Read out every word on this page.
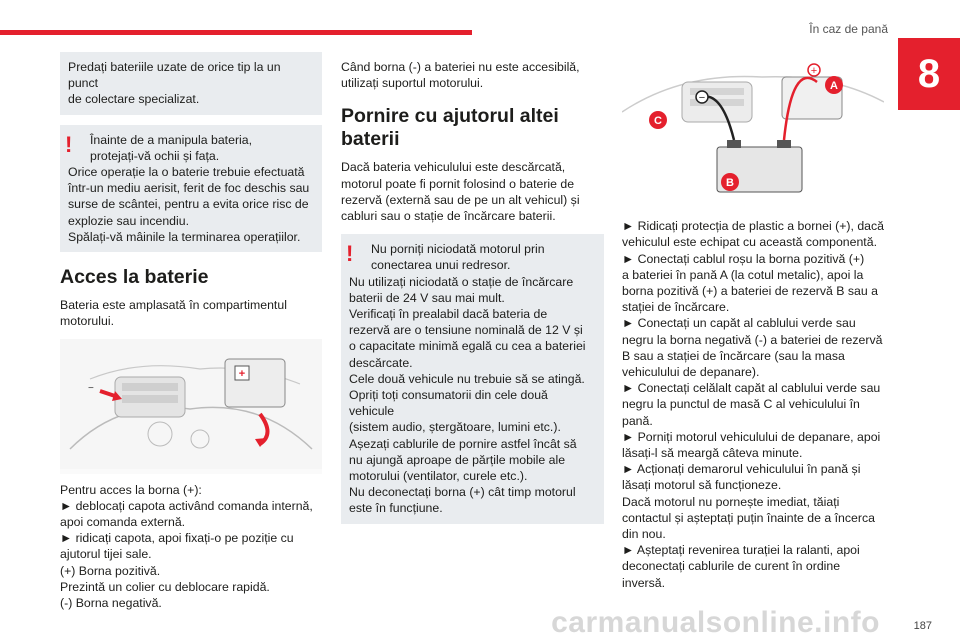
În caz de pană
8
Predați bateriile uzate de orice tip la un punct
de colectare specializat.
! Înainte de a manipula bateria,
protejați-vă ochii și fața.
Orice operație la o baterie trebuie efectuată
într-un mediu aerisit, ferit de foc deschis sau
surse de scântei, pentru a evita orice risc de
explozie sau incendiu.
Spălați-vă mâinile la terminarea operațiilor.
Acces la baterie
Bateria este amplasată în compartimentul
motorului.
+
−
Pentru acces la borna (+):
► deblocați capota activând comanda internă,
apoi comanda externă.
► ridicați capota, apoi fixați-o pe poziție cu
ajutorul tijei sale.
(+) Borna pozitivă.
Prezintă un colier cu deblocare rapidă.
(-) Borna negativă.
Când borna (-) a bateriei nu este accesibilă,
utilizați suportul motorului.
Pornire cu ajutorul altei
baterii
Dacă bateria vehiculului este descărcată,
motorul poate fi pornit folosind o baterie de
rezervă (externă sau de pe un alt vehicul) și
cabluri sau o stație de încărcare baterii.
! Nu porniți niciodată motorul prin
conectarea unui redresor.
Nu utilizați niciodată o stație de încărcare
baterii de 24 V sau mai mult.
Verificați în prealabil dacă bateria de
rezervă are o tensiune nominală de 12 V și
o capacitate minimă egală cu cea a bateriei
descărcate.
Cele două vehicule nu trebuie să se atingă.
Opriți toți consumatorii din cele două vehicule
(sistem audio, ștergătoare, lumini etc.).
Așezați cablurile de pornire astfel încât să
nu ajungă aproape de părțile mobile ale
motorului (ventilator, curele etc.).
Nu deconectați borna (+) cât timp motorul
este în funcțiune.
−
+
A
C
B
► Ridicați protecția de plastic a bornei (+), dacă
vehiculul este echipat cu această componentă.
► Conectați cablul roșu la borna pozitivă (+)
a bateriei în pană A (la cotul metalic), apoi la
borna pozitivă (+) a bateriei de rezervă B sau a
stației de încărcare.
► Conectați un capăt al cablului verde sau
negru la borna negativă (-) a bateriei de rezervă
B sau a stației de încărcare (sau la masa
vehiculului de depanare).
► Conectați celălalt capăt al cablului verde sau
negru la punctul de masă C al vehiculului în
pană.
► Porniți motorul vehiculului de depanare, apoi
lăsați-l să meargă câteva minute.
► Acționați demarorul vehiculului în pană și
lăsați motorul să funcționeze.
Dacă motorul nu pornește imediat, tăiați
contactul și așteptați puțin înainte de a încerca
din nou.
► Așteptați revenirea turației la ralanti, apoi
deconectați cablurile de curent în ordine inversă.
carmanualsonline.info	187
